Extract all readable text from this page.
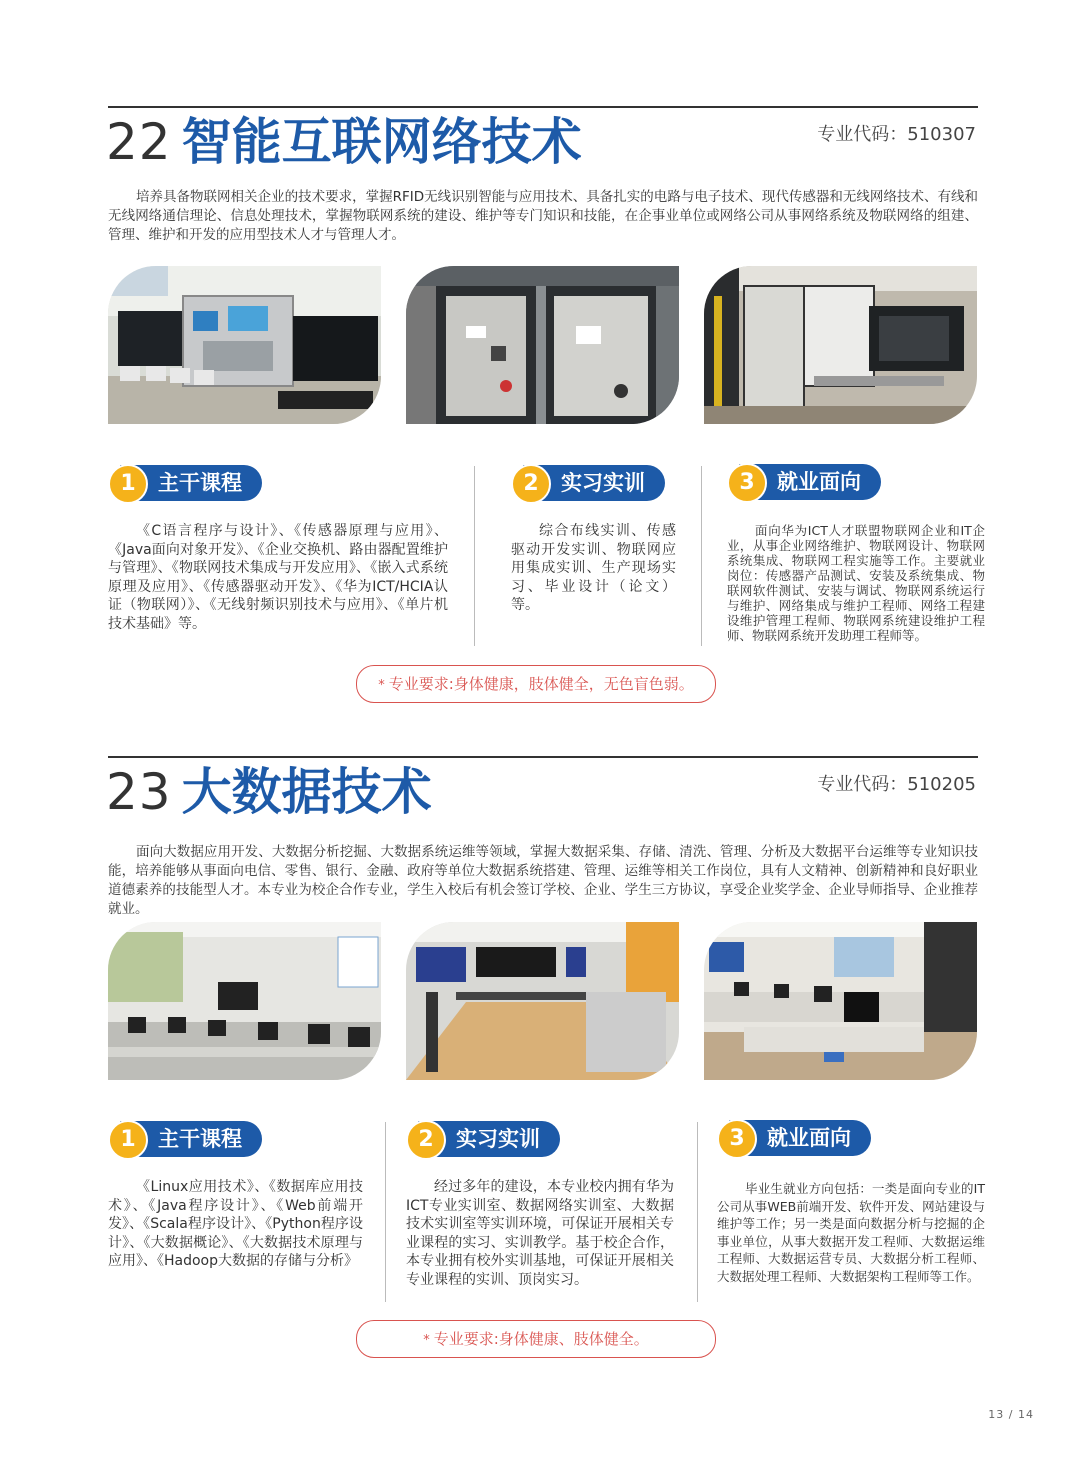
22 智能互联网络技术	专业代码：510307
培养具备物联网相关企业的技术要求，掌握RFID无线识别智能与应用技术、具备扎实的电路与电子技术、现代传感器和无线网络技术、有线和无线网络通信理论、信息处理技术，掌握物联网系统的建设、维护等专门知识和技能，在企事业单位或网络公司从事网络系统及物联网络的组建、管理、维护和开发的应用型技术人才与管理人才。
1	主干课程	2	实习实训	3	就业面向
《C语言程序与设计》、《传感器原理与应用》、《Java面向对象开发》、《企业交换机、路由器配置维护与管理》、《物联网技术集成与开发应用》、《嵌入式系统原理及应用》、《传感器驱动开发》、《华为ICT/HCIA认证（物联网）》、《无线射频识别技术与应用》、《单片机技术基础》等。
综合布线实训、传感驱动开发实训、物联网应用集成实训、生产现场实习、毕业设计（论文）等。
面向华为ICT人才联盟物联网企业和IT企业，从事企业网络维护、物联网设计、物联网系统集成、物联网工程实施等工作。主要就业岗位：传感器产品测试、安装及系统集成、物联网软件测试、安装与调试、物联网系统运行与维护、网络集成与维护工程师、网络工程建设维护管理工程师、物联网系统建设维护工程师、物联网系统开发助理工程师等。
* 专业要求:身体健康，肢体健全，无色盲色弱。
23 大数据技术	专业代码：510205
面向大数据应用开发、大数据分析挖掘、大数据系统运维等领域，掌握大数据采集、存储、清洗、管理、分析及大数据平台运维等专业知识技能，培养能够从事面向电信、零售、银行、金融、政府等单位大数据系统搭建、管理、运维等相关工作岗位，具有人文精神、创新精神和良好职业道德素养的技能型人才。本专业为校企合作专业，学生入校后有机会签订学校、企业、学生三方协议，享受企业奖学金、企业导师指导、企业推荐就业。
1	主干课程	2	实习实训	3	就业面向
《Linux应用技术》、《数据库应用技术》、《Java程序设计》、《Web前端开发》、《Scala程序设计》、《Python程序设计》、《大数据概论》、《大数据技术原理与应用》、《Hadoop大数据的存储与分析》
经过多年的建设，本专业校内拥有华为ICT专业实训室、数据网络实训室、大数据技术实训室等实训环境，可保证开展相关专业课程的实习、实训教学。基于校企合作，本专业拥有校外实训基地，可保证开展相关专业课程的实训、顶岗实习。
毕业生就业方向包括：一类是面向专业的IT公司从事WEB前端开发、软件开发、网站建设与维护等工作；另一类是面向数据分析与挖掘的企事业单位，从事大数据开发工程师、大数据运维工程师、大数据运营专员、大数据分析工程师、大数据处理工程师、大数据架构工程师等工作。
* 专业要求:身体健康、肢体健全。
13 / 14
